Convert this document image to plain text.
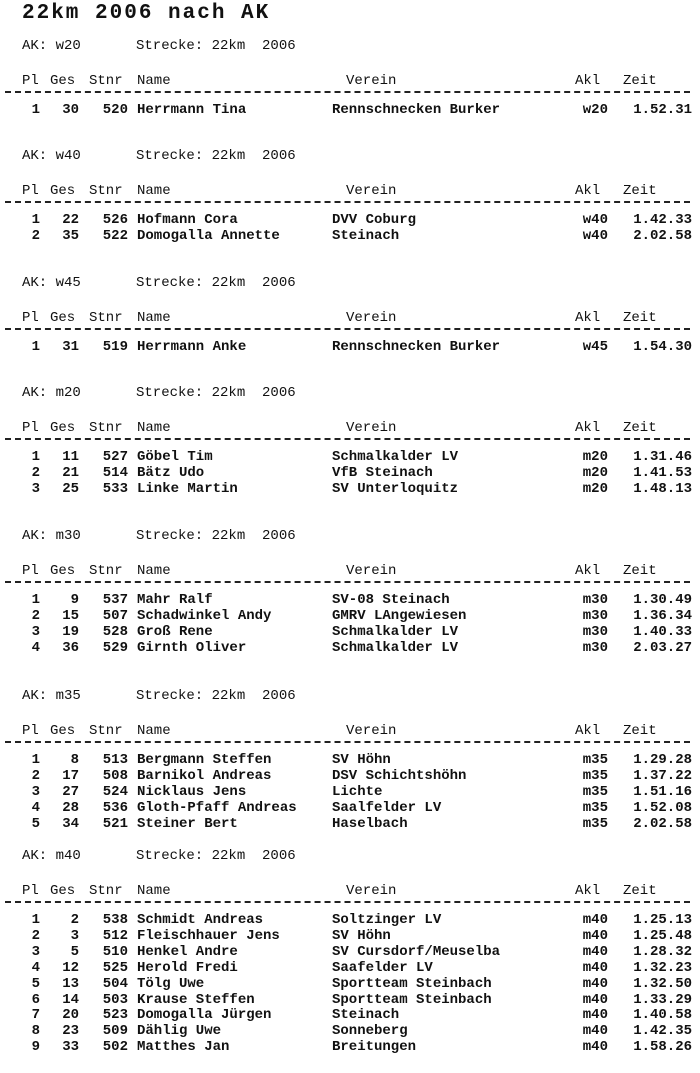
22km 2006 nach AK
AK: w20	Strecke: 22km  2006
Pl Ges Stnr Name	Verein	Akl Zeit
1 30 520 Herrmann Tina	Rennschnecken Burker	w20 1.52.31
AK: w40	Strecke: 22km  2006
Pl Ges Stnr Name	Verein	Akl Zeit
1 22 526 Hofmann Cora	DVV Coburg	w40 1.42.33
2 35 522 Domogalla Annette	Steinach	w40 2.02.58
AK: w45	Strecke: 22km  2006
Pl Ges Stnr Name	Verein	Akl Zeit
1 31 519 Herrmann Anke	Rennschnecken Burker	w45 1.54.30
AK: m20	Strecke: 22km  2006
Pl Ges Stnr Name	Verein	Akl Zeit
1 11 527 Göbel Tim	Schmalkalder LV	m20 1.31.46
2 21 514 Bätz Udo	VfB Steinach	m20 1.41.53
3 25 533 Linke Martin	SV Unterloquitz	m20 1.48.13
AK: m30	Strecke: 22km  2006
Pl Ges Stnr Name	Verein	Akl Zeit
1 9 537 Mahr Ralf	SV-08 Steinach	m30 1.30.49
2 15 507 Schadwinkel Andy	GMRV LAngewiesen	m30 1.36.34
3 19 528 Groß Rene	Schmalkalder LV	m30 1.40.33
4 36 529 Girnth Oliver	Schmalkalder LV	m30 2.03.27
AK: m35	Strecke: 22km  2006
Pl Ges Stnr Name	Verein	Akl Zeit
1 8 513 Bergmann Steffen	SV Höhn	m35 1.29.28
2 17 508 Barnikol Andreas	DSV Schichtshöhn	m35 1.37.22
3 27 524 Nicklaus Jens	Lichte	m35 1.51.16
4 28 536 Gloth-Pfaff Andreas	Saalfelder LV	m35 1.52.08
5 34 521 Steiner Bert	Haselbach	m35 2.02.58
AK: m40	Strecke: 22km  2006
Pl Ges Stnr Name	Verein	Akl Zeit
1 2 538 Schmidt Andreas	Soltzinger LV	m40 1.25.13
2 3 512 Fleischhauer Jens	SV Höhn	m40 1.25.48
3 5 510 Henkel Andre	SV Cursdorf/Meuselba	m40 1.28.32
4 12 525 Herold Fredi	Saafelder LV	m40 1.32.23
5 13 504 Tölg Uwe	Sportteam Steinbach	m40 1.32.50
6 14 503 Krause Steffen	Sportteam Steinbach	m40 1.33.29
7 20 523 Domogalla Jürgen	Steinach	m40 1.40.58
8 23 509 Dählig Uwe	Sonneberg	m40 1.42.35
9 33 502 Matthes Jan	Breitungen	m40 1.58.26
